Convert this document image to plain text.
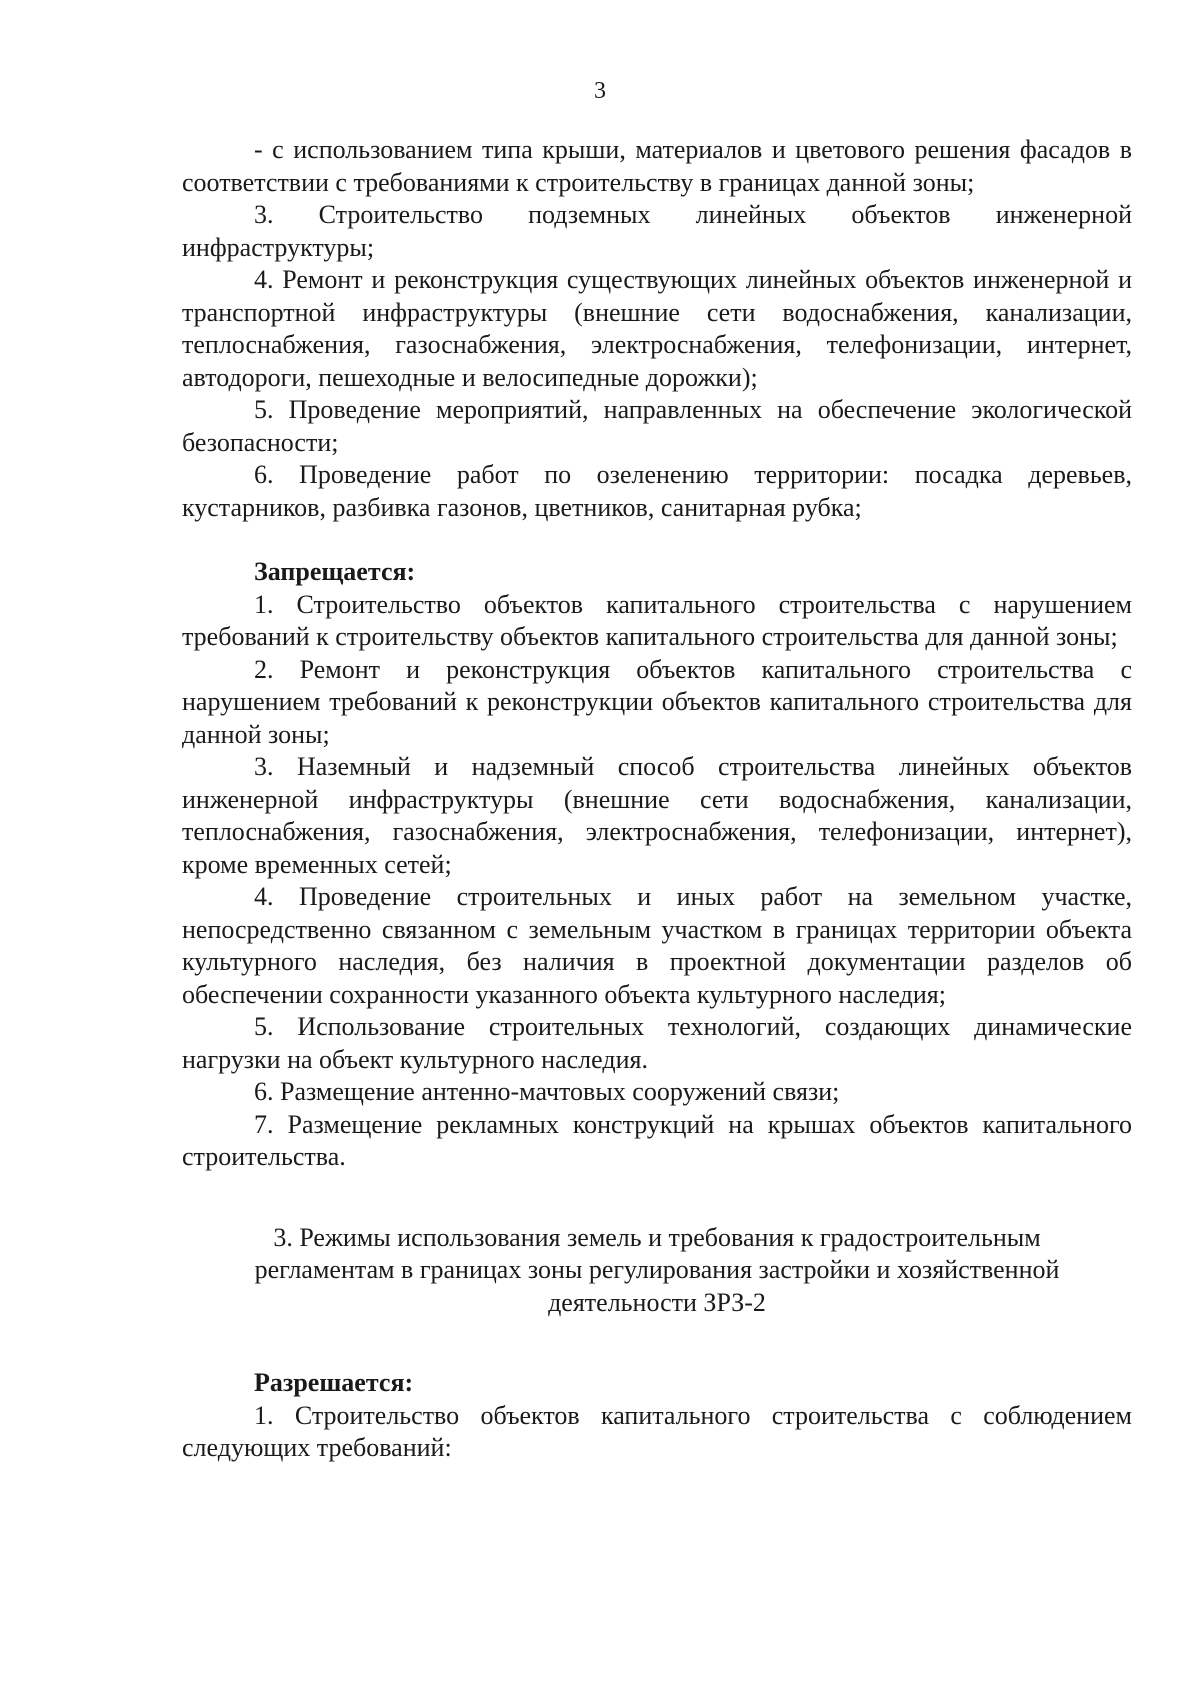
3

- с использованием типа крыши, материалов и цветового решения фасадов в соответствии с требованиями к строительству в границах данной зоны;

3. Строительство подземных линейных объектов инженерной инфраструктуры;

4. Ремонт и реконструкция существующих линейных объектов инженерной и транспортной инфраструктуры (внешние сети водоснабжения, канализации, теплоснабжения, газоснабжения, электроснабжения, телефонизации, интернет, автодороги, пешеходные и велосипедные дорожки);

5. Проведение мероприятий, направленных на обеспечение экологической безопасности;

6. Проведение работ по озеленению территории: посадка деревьев, кустарников, разбивка газонов, цветников, санитарная рубка;

Запрещается:

1. Строительство объектов капитального строительства с нарушением требований к строительству объектов капитального строительства для данной зоны;

2. Ремонт и реконструкция объектов капитального строительства с нарушением требований к реконструкции объектов капитального строительства для данной зоны;

3. Наземный и надземный способ строительства линейных объектов инженерной инфраструктуры (внешние сети водоснабжения, канализации, теплоснабжения, газоснабжения, электроснабжения, телефонизации, интернет), кроме временных сетей;

4. Проведение строительных и иных работ на земельном участке, непосредственно связанном с земельным участком в границах территории объекта культурного наследия, без наличия в проектной документации разделов об обеспечении сохранности указанного объекта культурного наследия;

5. Использование строительных технологий, создающих динамические нагрузки на объект культурного наследия.

6. Размещение антенно-мачтовых сооружений связи;

7. Размещение рекламных конструкций на крышах объектов капитального строительства.

3. Режимы использования земель и требования к градостроительным регламентам в границах зоны регулирования застройки и хозяйственной деятельности ЗРЗ-2

Разрешается:

1. Строительство объектов капитального строительства с соблюдением следующих требований:
